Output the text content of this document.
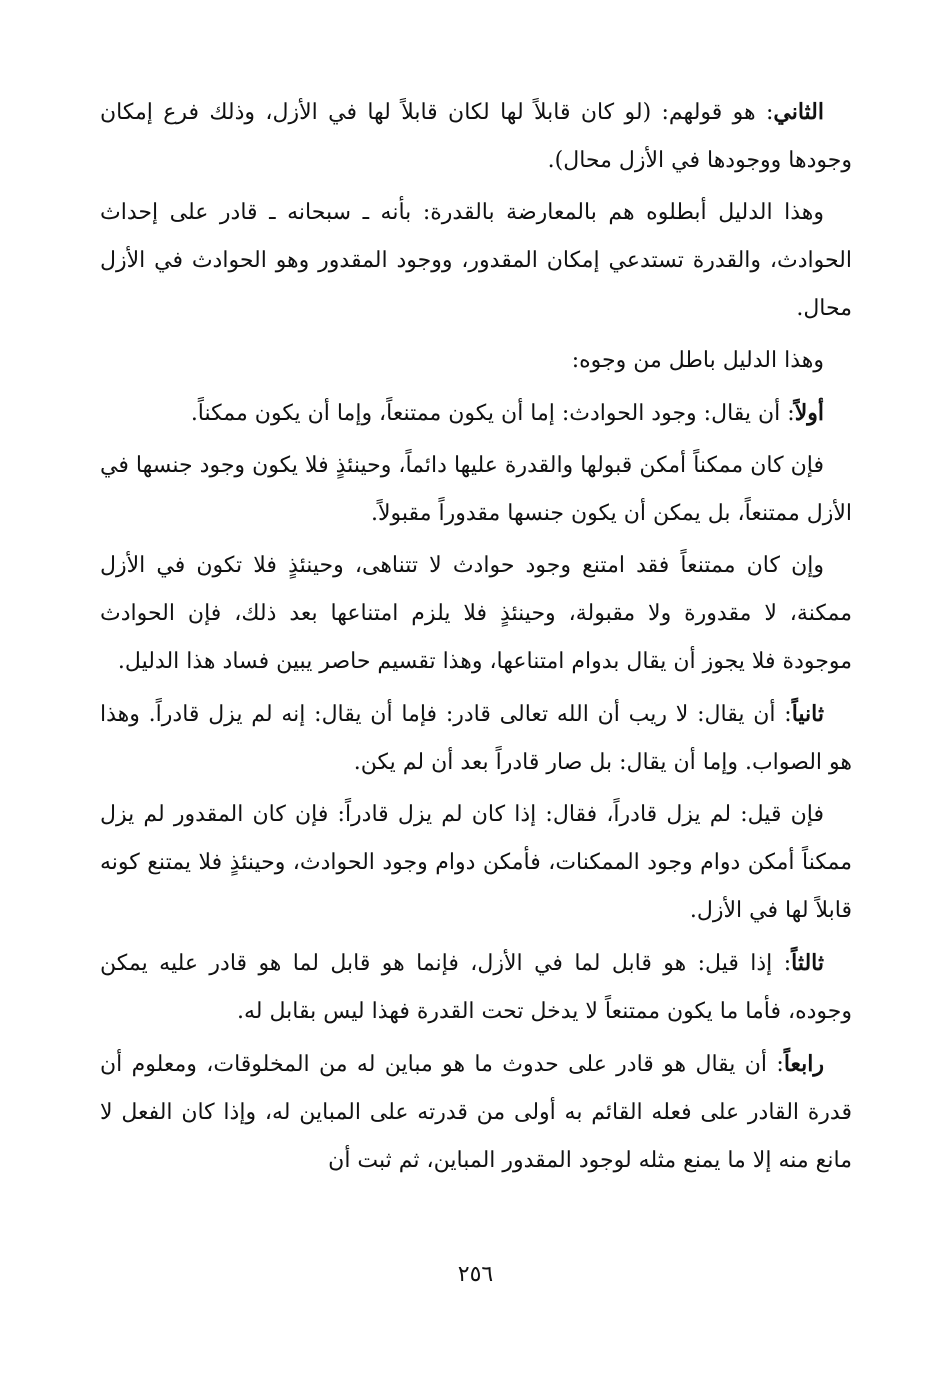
الثاني: هو قولهم: (لو كان قابلاً لها لكان قابلاً لها في الأزل، وذلك فرع إمكان وجودها ووجودها في الأزل محال).

وهذا الدليل أبطلوه هم بالمعارضة بالقدرة: بأنه ـ سبحانه ـ قادر على إحداث الحوادث، والقدرة تستدعي إمكان المقدور، ووجود المقدور وهو الحوادث في الأزل محال.

وهذا الدليل باطل من وجوه:

أولاً: أن يقال: وجود الحوادث: إما أن يكون ممتنعاً، وإما أن يكون ممكناً.

فإن كان ممكناً أمكن قبولها والقدرة عليها دائماً، وحينئذٍ فلا يكون وجود جنسها في الأزل ممتنعاً، بل يمكن أن يكون جنسها مقدوراً مقبولاً.

وإن كان ممتنعاً فقد امتنع وجود حوادث لا تتناهى، وحينئذٍ فلا تكون في الأزل ممكنة، لا مقدورة ولا مقبولة، وحينئذٍ فلا يلزم امتناعها بعد ذلك، فإن الحوادث موجودة فلا يجوز أن يقال بدوام امتناعها، وهذا تقسيم حاصر يبين فساد هذا الدليل.

ثانياً: أن يقال: لا ريب أن الله تعالى قادر: فإما أن يقال: إنه لم يزل قادراً. وهذا هو الصواب. وإما أن يقال: بل صار قادراً بعد أن لم يكن.

فإن قيل: لم يزل قادراً، فقال: إذا كان لم يزل قادراً: فإن كان المقدور لم يزل ممكناً أمكن دوام وجود الممكنات، فأمكن دوام وجود الحوادث، وحينئذٍ فلا يمتنع كونه قابلاً لها في الأزل.

ثالثاً: إذا قيل: هو قابل لما في الأزل، فإنما هو قابل لما هو قادر عليه يمكن وجوده، فأما ما يكون ممتنعاً لا يدخل تحت القدرة فهذا ليس بقابل له.

رابعاً: أن يقال هو قادر على حدوث ما هو مباين له من المخلوقات، ومعلوم أن قدرة القادر على فعله القائم به أولى من قدرته على المباين له، وإذا كان الفعل لا مانع منه إلا ما يمنع مثله لوجود المقدور المباين، ثم ثبت أن

٢٥٦
